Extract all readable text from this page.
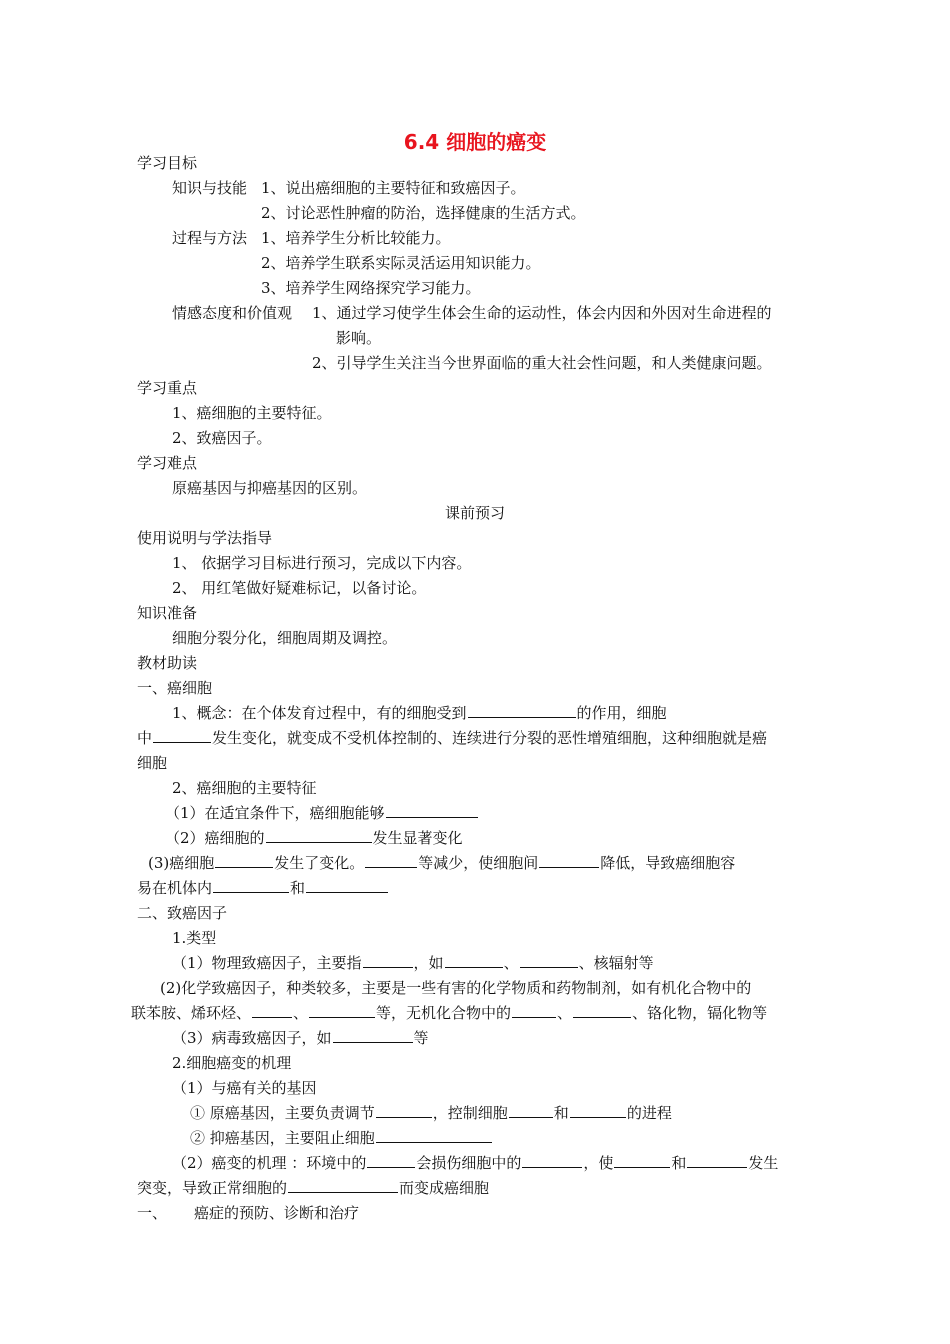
6.4 细胞的癌变
学习目标
知识与技能 1、说出癌细胞的主要特征和致癌因子。
2、讨论恶性肿瘤的防治，选择健康的生活方式。
过程与方法 1、培养学生分析比较能力。
2、培养学生联系实际灵活运用知识能力。
3、培养学生网络探究学习能力。
情感态度和价值观 1、通过学习使学生体会生命的运动性，体会内因和外因对生命进程的
影响。
2、引导学生关注当今世界面临的重大社会性问题，和人类健康问题。
学习重点
1、癌细胞的主要特征。
2、致癌因子。
学习难点
原癌基因与抑癌基因的区别。
课前预习
使用说明与学法指导
1、 依据学习目标进行预习，完成以下内容。
2、 用红笔做好疑难标记，以备讨论。
知识准备
细胞分裂分化，细胞周期及调控。
教材助读
一、癌细胞
1、概念：在个体发育过程中，有的细胞受到	的作用，细胞
中	发生变化，就变成不受机体控制的、连续进行分裂的恶性增殖细胞，这种细胞就是癌
细胞
2、癌细胞的主要特征
（1）在适宜条件下，癌细胞能够
（2）癌细胞的	发生显著变化
(3)癌细胞	发生了变化。	等减少，使细胞间	降低，导致癌细胞容
易在机体内	和
二、致癌因子
1.类型
（1）物理致癌因子，主要指	，如	、	、核辐射等
(2)化学致癌因子，种类较多，主要是一些有害的化学物质和药物制剂，如有机化合物中的
联苯胺、烯环烃、	、	等，无机化合物中的	、	、铬化物，镉化物等
（3）病毒致癌因子，如	等
2.细胞癌变的机理
（1）与癌有关的基因
① 原癌基因，主要负责调节	，控制细胞	和	的进程
② 抑癌基因，主要阻止细胞
（2）癌变的机理 ：环境中的	会损伤细胞中的	，使	和	发生
突变，导致正常细胞的	而变成癌细胞
一、 癌症的预防、诊断和治疗
